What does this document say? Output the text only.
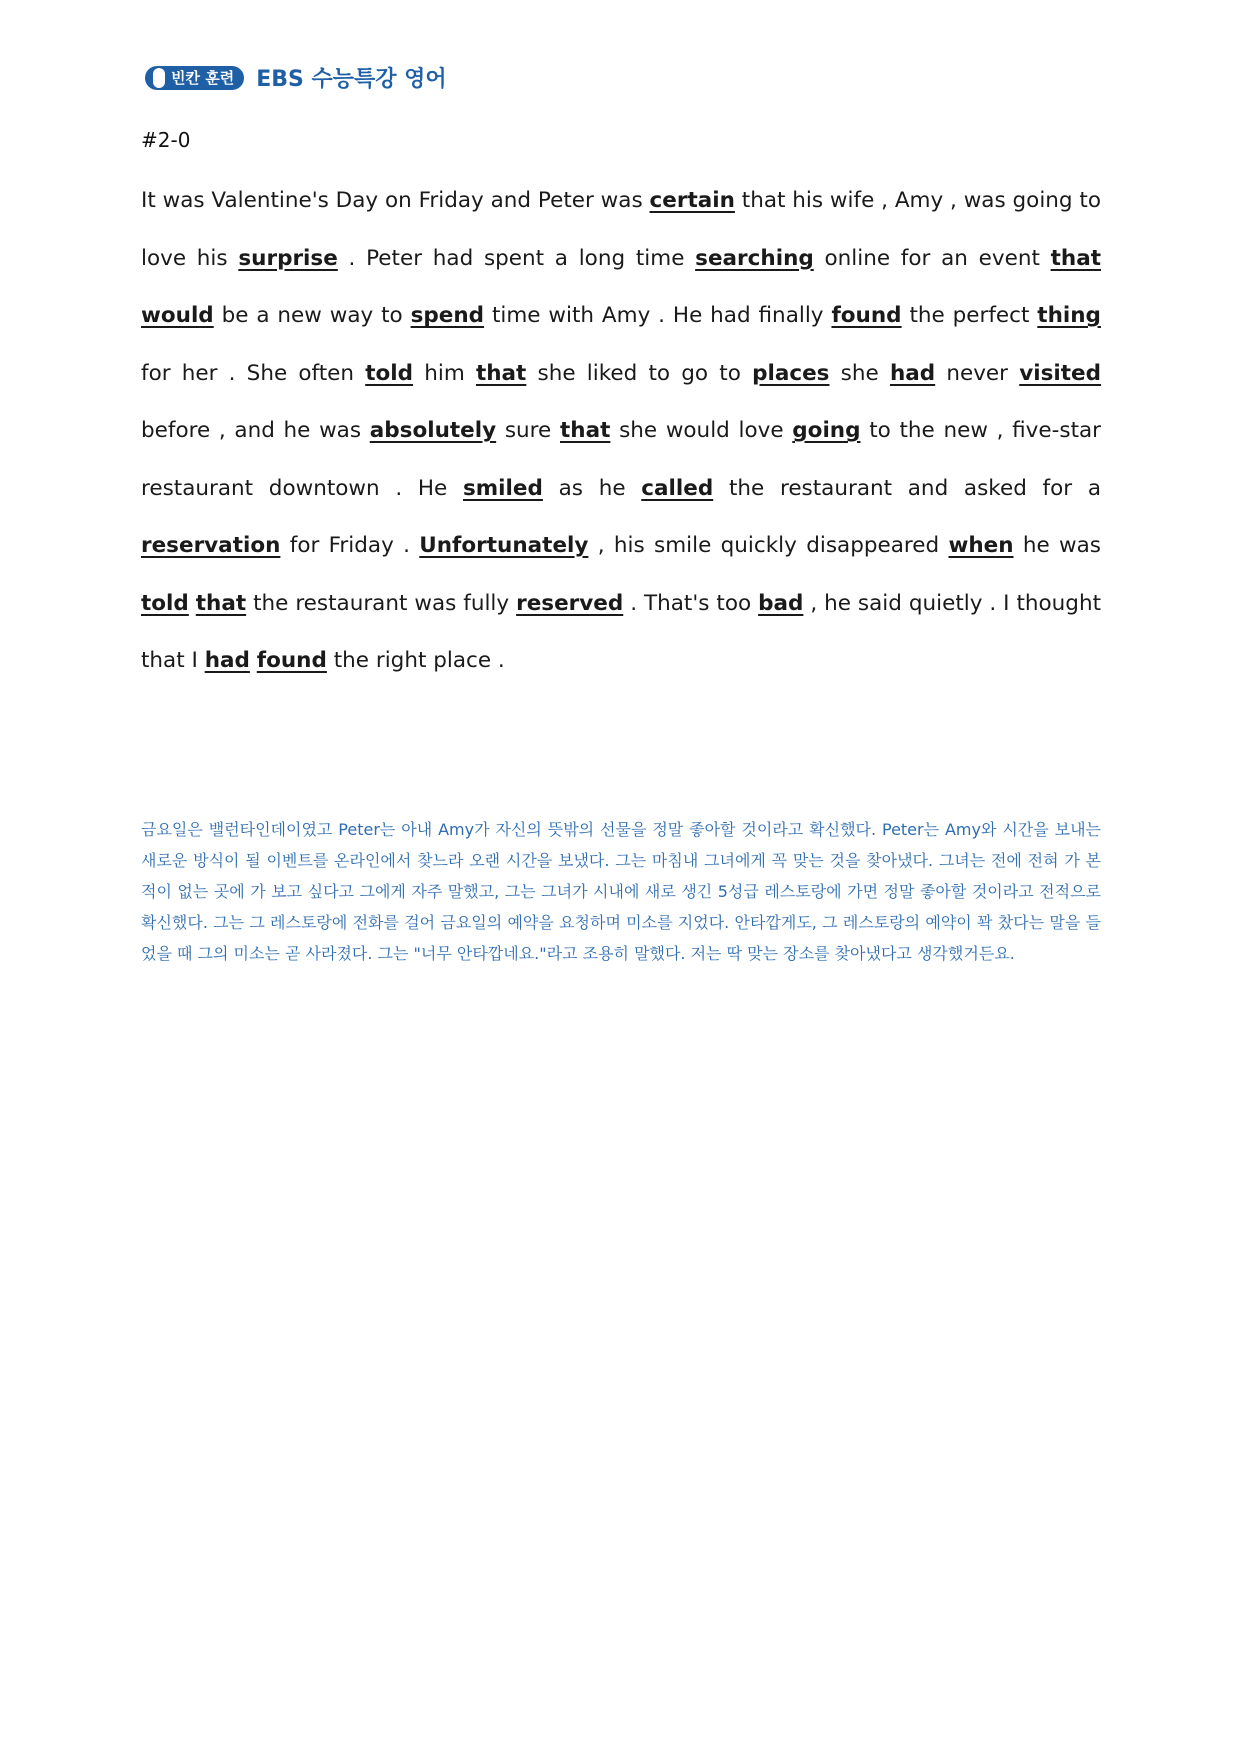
빈칸 훈련 EBS 수능특강 영어
#2-0
It was Valentine's Day on Friday and Peter was certain that his wife , Amy , was going to love his surprise . Peter had spent a long time searching online for an event that would be a new way to spend time with Amy . He had finally found the perfect thing for her . She often told him that she liked to go to places she had never visited before , and he was absolutely sure that she would love going to the new , five-star restaurant downtown . He smiled as he called the restaurant and asked for a reservation for Friday . Unfortunately , his smile quickly disappeared when he was told that the restaurant was fully reserved . That's too bad , he said quietly . I thought that I had found the right place .
금요일은 밸런타인데이였고 Peter는 아내 Amy가 자신의 뜻밖의 선물을 정말 좋아할 것이라고 확신했다. Peter는 Amy와 시간을 보내는 새로운 방식이 될 이벤트를 온라인에서 찾느라 오랜 시간을 보냈다. 그는 마침내 그녀에게 꼭 맞는 것을 찾아냈다. 그녀는 전에 전혀 가 본 적이 없는 곳에 가 보고 싶다고 그에게 자주 말했고, 그는 그녀가 시내에 새로 생긴 5성급 레스토랑에 가면 정말 좋아할 것이라고 전적으로 확신했다. 그는 그 레스토랑에 전화를 걸어 금요일의 예약을 요청하며 미소를 지었다. 안타깝게도, 그 레스토랑의 예약이 꽉 찼다는 말을 들었을 때 그의 미소는 곧 사라졌다. 그는 "너무 안타깝네요."라고 조용히 말했다. 저는 딱 맞는 장소를 찾아냈다고 생각했거든요.
